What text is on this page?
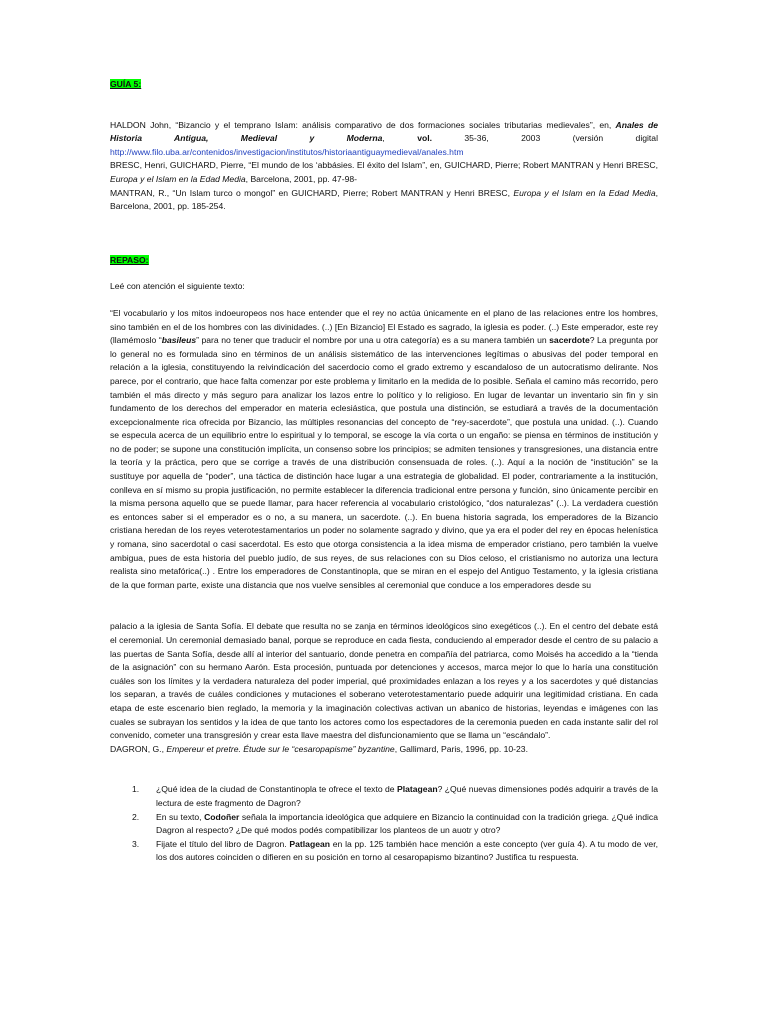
GUÍA 5:

HALDON John, “Bizancio y el temprano Islam: análisis comparativo de dos formaciones sociales tributarias medievales”, en, Anales de Historia Antigua, Medieval y Moderna, vol.	35-36, 2003 (versión digital http://www.filo.uba.ar/contenidos/investigacion/institutos/historiaantiguaymedieval/anales.htm

BRESC, Henri, GUICHARD, Pierre, “El mundo de los ‘abbásies. El éxito del Islam”, en, GUICHARD, Pierre; Robert MANTRAN y Henri BRESC, Europa y el Islam en la Edad Media, Barcelona, 2001, pp. 47-98-

MANTRAN, R., “Un Islam turco o mongol” en GUICHARD, Pierre; Robert MANTRAN y Henri BRESC, Europa y el Islam en la Edad Media, Barcelona, 2001, pp. 185-254.

REPASO:

Leé con atención el siguiente texto:

“El vocabulario y los mitos indoeuropeos nos hace entender que el rey no actúa únicamente en el plano de las relaciones entre los hombres, sino también en el de los hombres con las divinidades. (..) [En Bizancio] El Estado es sagrado, la iglesia es poder. (..) Este emperador, este rey (llamémoslo “basileus” para no tener que traducir el nombre por una u otra categoría) es a su manera también un sacerdote? La pregunta por lo general no es formulada sino en términos de un análisis sistemático de las intervenciones legítimas o abusivas del poder temporal en relación a la iglesia, constituyendo la reivindicación del sacerdocio como el grado extremo y escandaloso de un autocratismo delirante. Nos parece, por el contrario, que hace falta comenzar por este problema y limitarlo en la medida de lo posible. Señala el camino más recorrido, pero también el más directo y más seguro para analizar los lazos entre lo político y lo religioso. En lugar de levantar un inventario sin fin y sin fundamento de los derechos del emperador en materia eclesiástica, que postula una distinción, se estudiará a través de la documentación excepcionalmente rica ofrecida por Bizancio, las múltiples resonancias del concepto de “rey-sacerdote”, que postula una unidad. (..). Cuando se especula acerca de un equilibrio entre lo espiritual y lo temporal, se escoge la vía corta o un engaño: se piensa en términos de institución y no de poder; se supone una constitución implícita, un consenso sobre los principios; se admiten tensiones y transgresiones, una distancia entre la teoría y la práctica, pero que se corrige a través de una distribución consensuada de roles. (..). Aquí a la noción de “institución” se la sustituye por aquella de “poder”, una táctica de distinción hace lugar a una estrategia de globalidad. El poder, contrariamente a la institución, conlleva en sí mismo su propia justificación, no permite establecer la diferencia tradicional entre persona y función, sino únicamente percibir en la misma persona aquello que se puede llamar, para hacer referencia al vocabulario cristológico, “dos naturalezas” (..). La verdadera cuestión es entonces saber si el emperador es o no, a su manera, un sacerdote. (..). En buena historia sagrada, los emperadores de la Bizancio cristiana heredan de los reyes veterotestamentarios un poder no solamente sagrado y divino, que ya era el poder del rey en épocas helenística y romana, sino sacerdotal o casi sacerdotal. Es esto que otorga consistencia a la idea misma de emperador cristiano, pero también la vuelve ambigua, pues de esta historia del pueblo judío, de sus reyes, de sus relaciones con su Dios celoso, el cristianismo no autoriza una lectura realista sino metafórica(..) . Entre los emperadores de Constantinopla, que se miran en el espejo del Antiguo Testamento, y la iglesia cristiana de la que forman parte, existe una distancia que nos vuelve sensibles al ceremonial que conduce a los emperadores desde su

palacio a la iglesia de Santa Sofía. El debate que resulta no se zanja en términos ideológicos sino exegéticos (..). En el centro del debate está el ceremonial. Un ceremonial demasiado banal, porque se reproduce en cada fiesta, conduciendo al emperador desde el centro de su palacio a las puertas de Santa Sofía, desde allí al interior del santuario, donde penetra en compañía del patriarca, como Moisés ha accedido a la “tienda de la asignación” con su hermano Aarón. Esta procesión, puntuada por detenciones y accesos, marca mejor lo que lo haría una constitución cuáles son los límites y la verdadera naturaleza del poder imperial, qué proximidades enlazan a los reyes y a los sacerdotes y qué distancias los separan, a través de cuáles condiciones y mutaciones el soberano veterotestamentario puede adquirir una legitimidad cristiana. En cada etapa de este escenario bien reglado, la memoria y la imaginación colectivas activan un abanico de historias, leyendas e imágenes con las cuales se subrayan los sentidos y la idea de que tanto los actores como los espectadores de la ceremonia pueden en cada instante salir del rol convenido, cometer una transgresión y crear esta llave maestra del disfuncionamiento que se llama un “escándalo”.

DAGRON, G., Empereur et pretre. Étude sur le “cesaropapisme” byzantine, Gallimard, Paris, 1996, pp. 10-23.

1. ¿Qué idea de la ciudad de Constantinopla te ofrece el texto de Platagean? ¿Qué nuevas dimensiones podés adquirir a través de la lectura de este fragmento de Dagron?
2. En su texto, Codoñer señala la importancia ideológica que adquiere en Bizancio la continuidad con la tradición griega. ¿Qué indica Dagron al respecto? ¿De qué modos podés compatibilizar los planteos de un auotr y otro?
3. Fijate el título del libro de Dagron. Patlagean en la pp. 125 también hace mención a este concepto (ver guía 4). A tu modo de ver, los dos autores coinciden o difieren en su posición en torno al cesaropapismo bizantino? Justifica tu respuesta.
